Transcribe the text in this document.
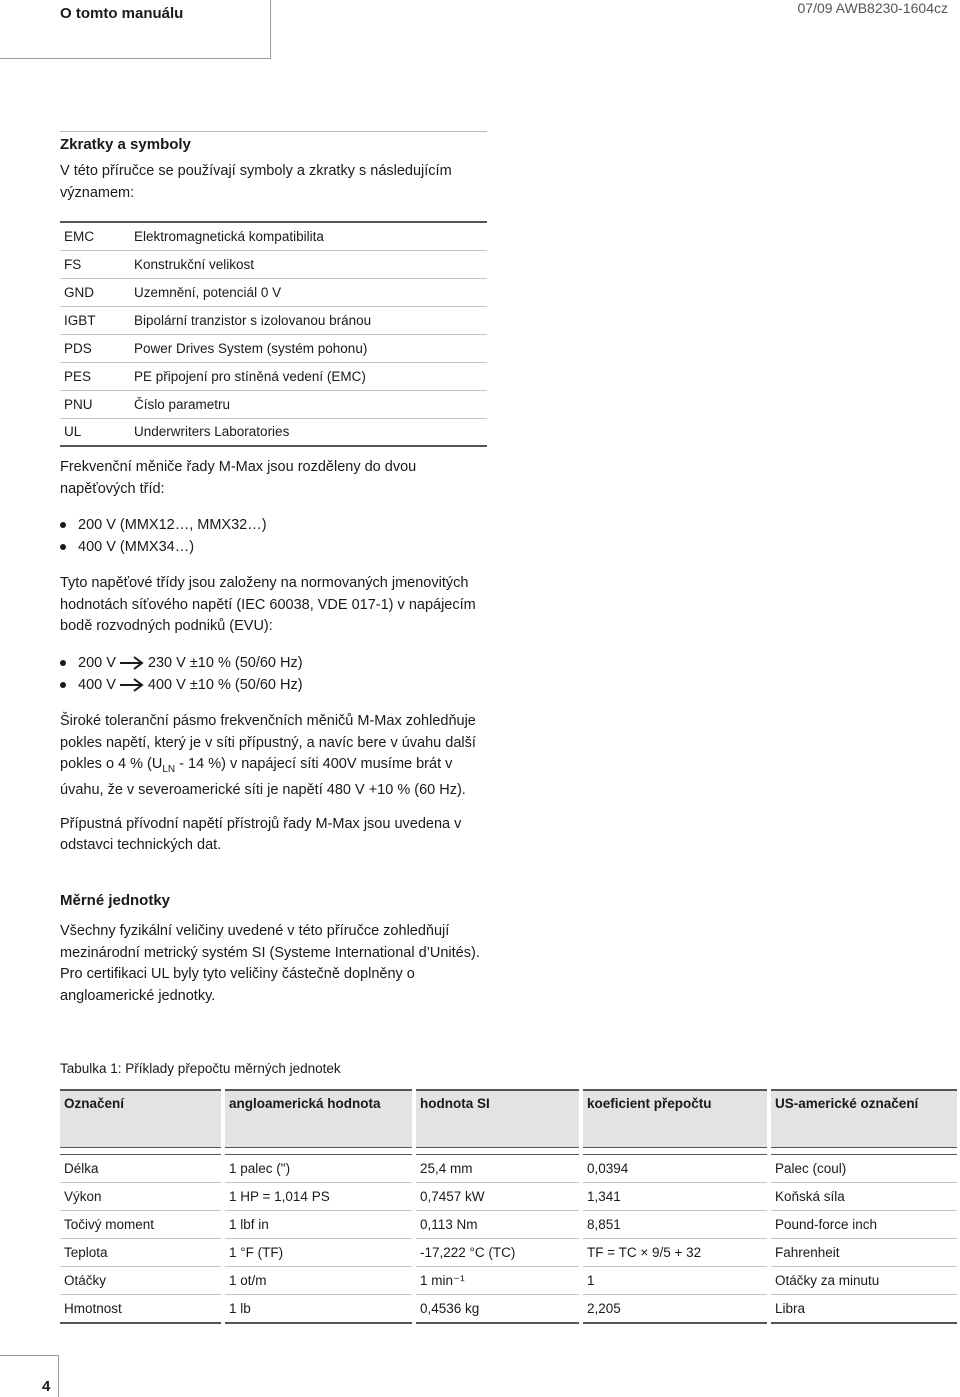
O tomto manuálu	07/09 AWB8230-1604cz
Zkratky a symboly

V této příručce se používají symboly a zkratky s následujícím významem:

EMC	Elektromagnetická kompatibilita
FS	Konstrukční velikost
GND	Uzemnění, potenciál 0 V
IGBT	Bipolární tranzistor s izolovanou bránou
PDS	Power Drives System (systém pohonu)
PES	PE připojení pro stíněná vedení (EMC)
PNU	Číslo parametru
UL	Underwriters Laboratories

Frekvenční měniče řady M-Max jsou rozděleny do dvou napěťových tříd:

200 V (MMX12…, MMX32…)
400 V (MMX34…)

Tyto napěťové třídy jsou založeny na normovaných jmenovitých hodnotách síťového napětí (IEC 60038, VDE 017-1) v napájecím bodě rozvodných podniků (EVU):

200 V 230 V ±10 % (50/60 Hz)
400 V 400 V ±10 % (50/60 Hz)

Široké toleranční pásmo frekvenčních měničů M-Max zohledňuje pokles napětí, který je v síti přípustný, a navíc bere v úvahu další pokles o 4 % ($U_{LN} - 14$ %) v napájecí síti 400V musíme brát v úvahu, že v severoamerické síti je napětí 480 V +10 % (60 Hz).

Přípustná přívodní napětí přístrojů řady M-Max jsou uvedena v odstavci technických dat.

Měrné jednotky

Všechny fyzikální veličiny uvedené v této příručce zohledňují mezinárodní metrický systém SI (Systeme International d’Unités). Pro certifikaci UL byly tyto veličiny částečně doplněny o angloamerické jednotky.

Tabulka 1: Příklady přepočtu měrných jednotek
Označení	angloamerická hodnota	hodnota SI	koeficient přepočtu	US-americké označení

Délka	1 palec (")	25,4 mm	0,0394	Palec (coul)
Výkon	1 HP = 1,014 PS	0,7457 kW	1,341	Koňská síla
Točivý moment	1 lbf in	0,113 Nm	8,851	Pound-force inch
Teplota	1 °F (TF)	-17,222 °C (TC)	TF = TC × 9/5 + 32	Fahrenheit
Otáčky	1 ot/m	1 min⁻¹	1	Otáčky za minutu
Hmotnost	1 lb	0,4536 kg	2,205	Libra
4
